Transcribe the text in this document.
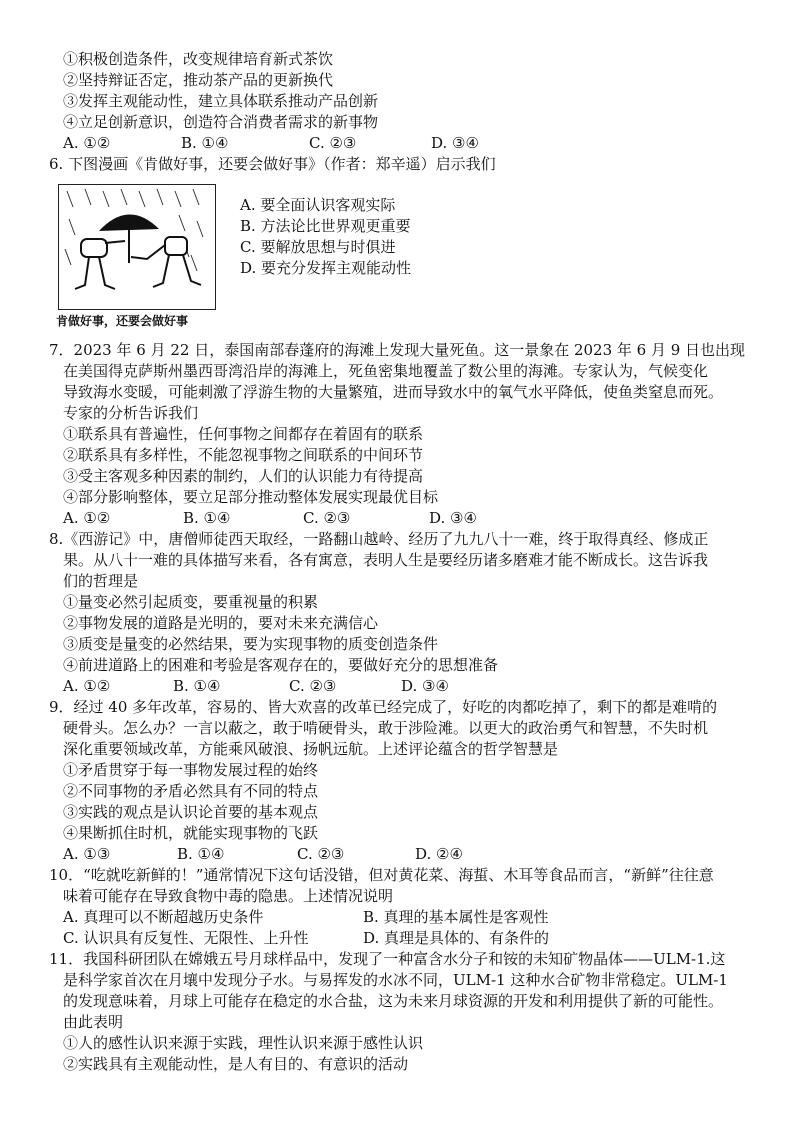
①积极创造条件，改变规律培育新式茶饮
②坚持辩证否定，推动茶产品的更新换代
③发挥主观能动性，建立具体联系推动产品创新
④立足创新意识，创造符合消费者需求的新事物
A. ①②	B. ①④	C. ②③	D. ③④
6. 下图漫画《肯做好事，还要会做好事》（作者：郑辛遥）启示我们
肯做好事，还要会做好事
A. 要全面认识客观实际
B. 方法论比世界观更重要
C. 要解放思想与时俱进
D. 要充分发挥主观能动性
7．2023 年 6 月 22 日，泰国南部春蓬府的海滩上发现大量死鱼。这一景象在 2023 年 6 月 9 日也出现
在美国得克萨斯州墨西哥湾沿岸的海滩上，死鱼密集地覆盖了数公里的海滩。专家认为，气候变化
导致海水变暖，可能刺激了浮游生物的大量繁殖，进而导致水中的氧气水平降低，使鱼类窒息而死。
专家的分析告诉我们
①联系具有普遍性，任何事物之间都存在着固有的联系
②联系具有多样性，不能忽视事物之间联系的中间环节
③受主客观多种因素的制约，人们的认识能力有待提高
④部分影响整体，要立足部分推动整体发展实现最优目标
A. ①②	B. ①④	C. ②③	D. ③④
8.《西游记》中，唐僧师徒西天取经，一路翻山越岭、经历了九九八十一难，终于取得真经、修成正
果。从八十一难的具体描写来看，各有寓意，表明人生是要经历诸多磨难才能不断成长。这告诉我
们的哲理是
①量变必然引起质变，要重视量的积累
②事物发展的道路是光明的，要对未来充满信心
③质变是量变的必然结果，要为实现事物的质变创造条件
④前进道路上的困难和考验是客观存在的，要做好充分的思想准备
A. ①②	B. ①④	C. ②③	D. ③④
9．经过 40 多年改革，容易的、皆大欢喜的改革已经完成了，好吃的肉都吃掉了，剩下的都是难啃的
硬骨头。怎么办？一言以蔽之，敢于啃硬骨头，敢于涉险滩。以更大的政治勇气和智慧，不失时机
深化重要领域改革，方能乘风破浪、扬帆远航。上述评论蕴含的哲学智慧是
①矛盾贯穿于每一事物发展过程的始终
②不同事物的矛盾必然具有不同的特点
③实践的观点是认识论首要的基本观点
④果断抓住时机，就能实现事物的飞跃
A. ①③	B. ①④	C. ②③	D. ②④
10．“吃就吃新鲜的！”通常情况下这句话没错，但对黄花菜、海蜇、木耳等食品而言，“新鲜”往往意
味着可能存在导致食物中毒的隐患。上述情况说明
A. 真理可以不断超越历史条件	B. 真理的基本属性是客观性
C. 认识具有反复性、无限性、上升性	D. 真理是具体的、有条件的
11．我国科研团队在嫦娥五号月球样品中，发现了一种富含水分子和铵的未知矿物晶体——ULM-1.这
是科学家首次在月壤中发现分子水。与易挥发的水冰不同，ULM-1 这种水合矿物非常稳定。ULM-1
的发现意味着，月球上可能存在稳定的水合盐，这为未来月球资源的开发和利用提供了新的可能性。
由此表明
①人的感性认识来源于实践，理性认识来源于感性认识
②实践具有主观能动性，是人有目的、有意识的活动
